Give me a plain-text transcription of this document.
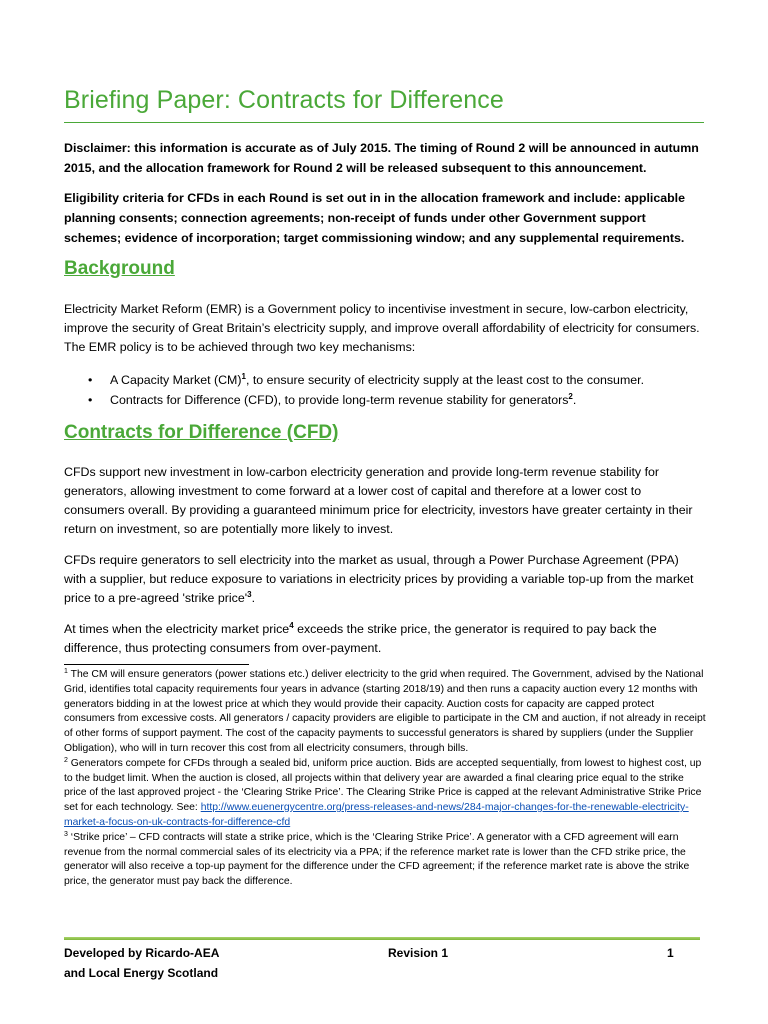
Briefing Paper: Contracts for Difference
Disclaimer: this information is accurate as of July 2015. The timing of Round 2 will be announced in autumn 2015, and the allocation framework for Round 2 will be released subsequent to this announcement.
Eligibility criteria for CFDs in each Round is set out in in the allocation framework and include: applicable planning consents; connection agreements; non-receipt of funds under other Government support schemes; evidence of incorporation; target commissioning window; and any supplemental requirements.
Background
Electricity Market Reform (EMR) is a Government policy to incentivise investment in secure, low-carbon electricity, improve the security of Great Britain’s electricity supply, and improve overall affordability of electricity for consumers. The EMR policy is to be achieved through two key mechanisms:
• A Capacity Market (CM)$^1$, to ensure security of electricity supply at the least cost to the consumer.
• Contracts for Difference (CFD), to provide long-term revenue stability for generators$^2$.
Contracts for Difference (CFD)
CFDs support new investment in low-carbon electricity generation and provide long-term revenue stability for generators, allowing investment to come forward at a lower cost of capital and therefore at a lower cost to consumers overall. By providing a guaranteed minimum price for electricity, investors have greater certainty in their return on investment, so are potentially more likely to invest.
CFDs require generators to sell electricity into the market as usual, through a Power Purchase Agreement (PPA) with a supplier, but reduce exposure to variations in electricity prices by providing a variable top-up from the market price to a pre-agreed 'strike $price'^3$.
At times when the electricity market price$^4$ exceeds the strike price, the generator is required to pay back the difference, thus protecting consumers from over-payment.

$^1$ The CM will ensure generators (power stations etc.) deliver electricity to the grid when required. The Government, advised by the National Grid, identifies total capacity requirements four years in advance (starting 2018/19) and then runs a capacity auction every 12 months with generators bidding in at the lowest price at which they would provide their capacity. Auction costs for capacity are capped protect consumers from excessive costs. All generators / capacity providers are eligible to participate in the CM and auction, if not already in receipt of other forms of support payment. The cost of the capacity payments to successful generators is shared by suppliers (under the Supplier Obligation), who will in turn recover this cost from all electricity consumers, through bills.

$^2$ Generators compete for CFDs through a sealed bid, uniform price auction. Bids are accepted sequentially, from lowest to highest cost, up to the budget limit. When the auction is closed, all projects within that delivery year are awarded a final clearing price equal to the strike price of the last approved project - the ‘Clearing Strike Price’. The Clearing Strike Price is capped at the relevant Administrative Strike Price set for each technology. See: http://www.euenergycentre.org/press-releases-and-news/284-major-changes-for-the-renewable-electricity-market-a-focus-on-uk-contracts-for-difference-cfd

$^3$ ‘Strike price’ – CFD contracts will state a strike price, which is the ‘Clearing Strike Price’. A generator with a CFD agreement will earn revenue from the normal commercial sales of its electricity via a PPA; if the reference market rate is lower than the CFD strike price, the generator will also receive a top-up payment for the difference under the CFD agreement; if the reference market rate is above the strike price, the generator must pay back the difference.

Developed by Ricardo-AEA
and Local Energy Scotland
Revision 1	1
